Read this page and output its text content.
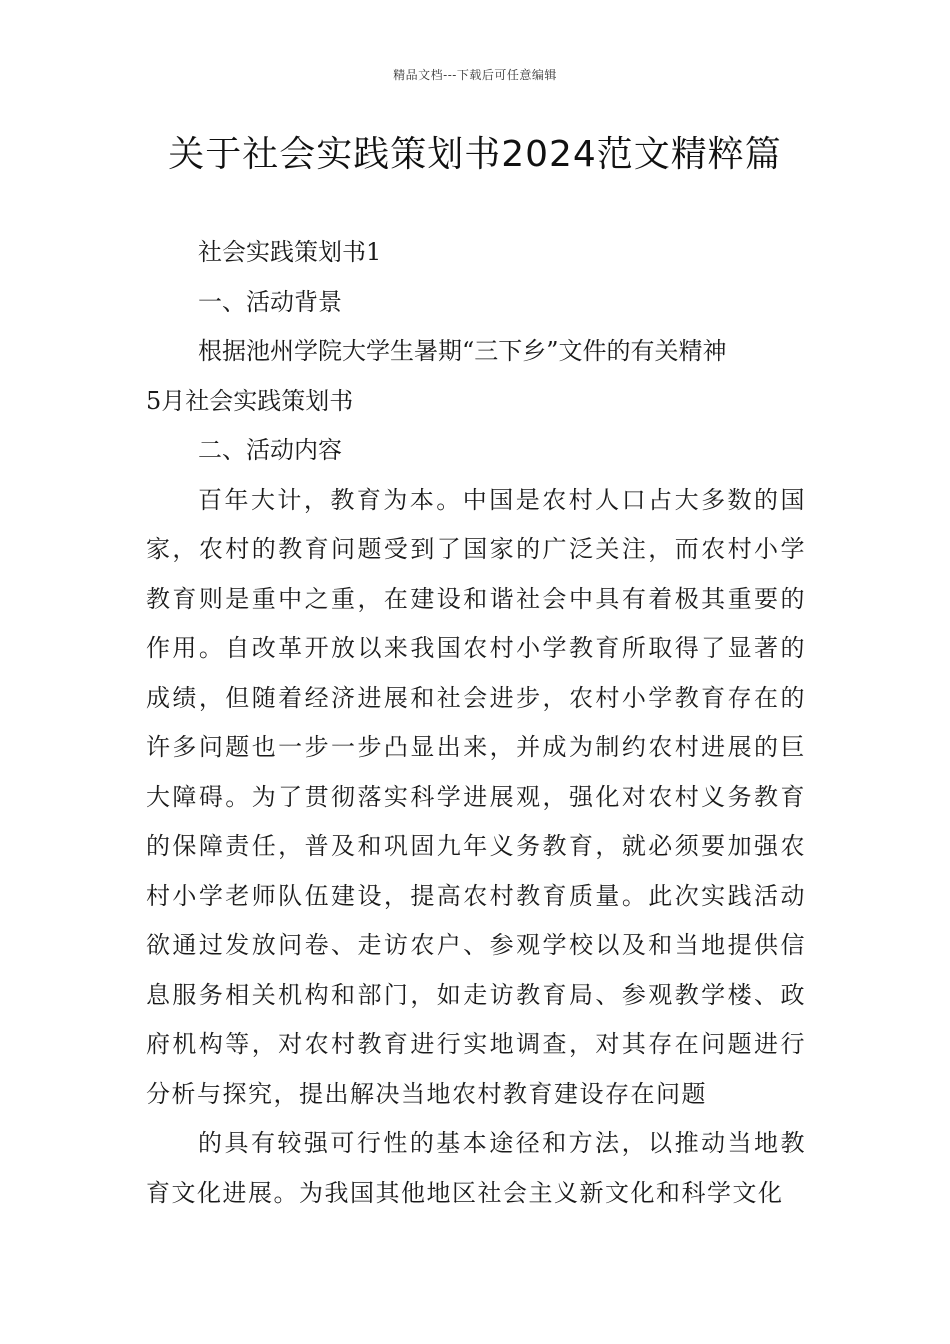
精品文档---下载后可任意编辑
关于社会实践策划书2024范文精粹篇

社会实践策划书1

一、活动背景

根据池州学院大学生暑期“三下乡”文件的有关精神

5月社会实践策划书

二、活动内容

百年大计，教育为本。中国是农村人口占大多数的国家，农村的教育问题受到了国家的广泛关注，而农村小学教育则是重中之重，在建设和谐社会中具有着极其重要的作用。自改革开放以来我国农村小学教育所取得了显著的成绩，但随着经济进展和社会进步，农村小学教育存在的许多问题也一步一步凸显出来，并成为制约农村进展的巨大障碍。为了贯彻落实科学进展观，强化对农村义务教育的保障责任，普及和巩固九年义务教育，就必须要加强农村小学老师队伍建设，提高农村教育质量。此次实践活动欲通过发放问卷、走访农户、参观学校以及和当地提供信息服务相关机构和部门，如走访教育局、参观教学楼、政府机构等，对农村教育进行实地调查，对其存在问题进行分析与探究，提出解决当地农村教育建设存在问题

的具有较强可行性的基本途径和方法，以推动当地教育文化进展。为我国其他地区社会主义新文化和科学文化
